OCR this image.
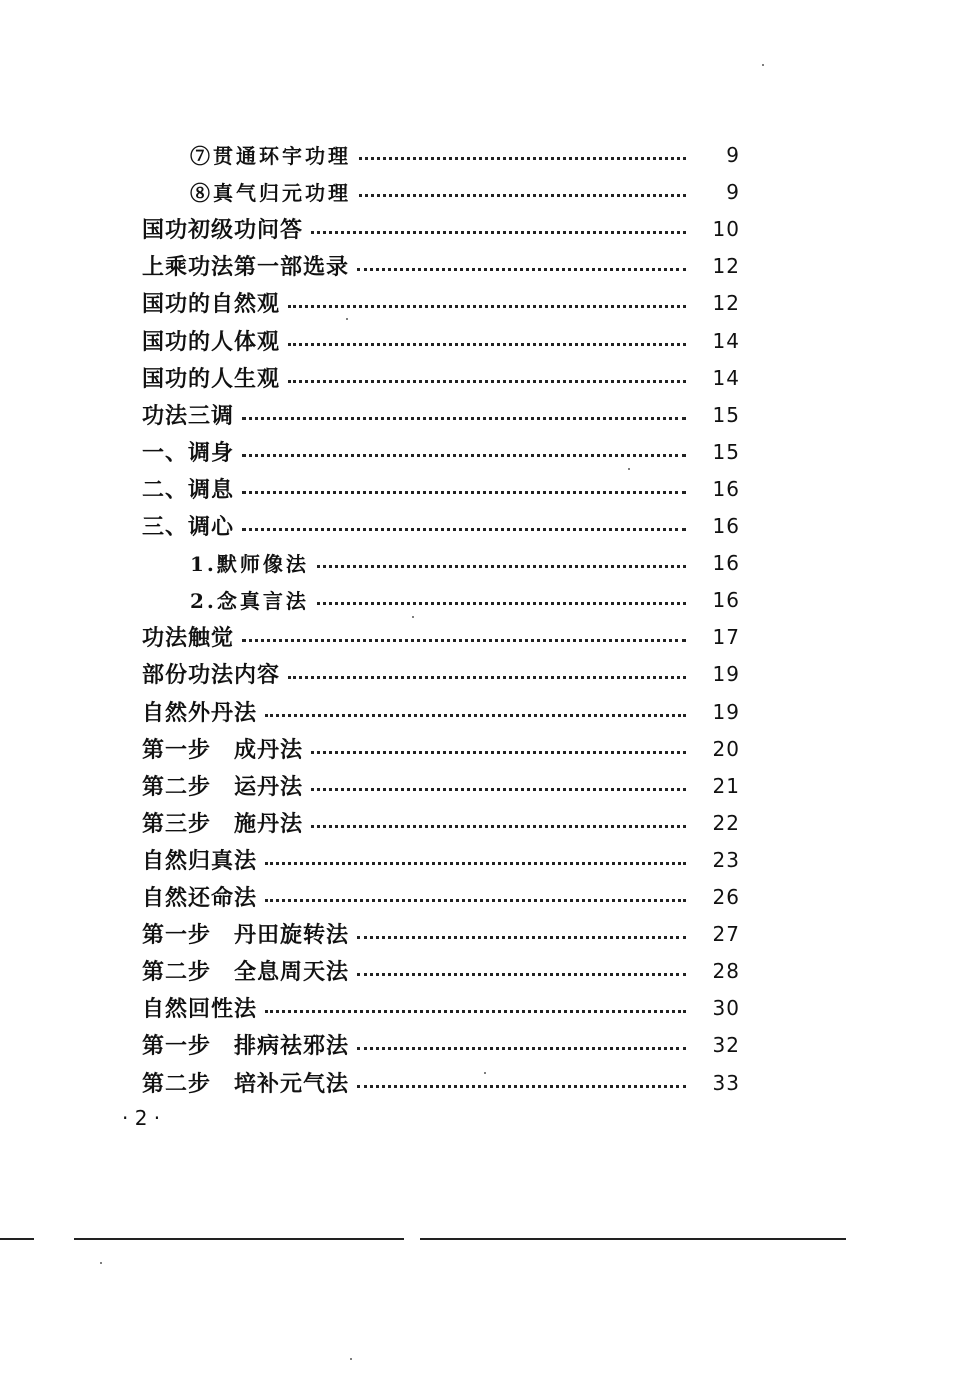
⑦贯通环宇功理	9
⑧真气归元功理	9
国功初级功问答	10
上乘功法第一部选录	12
国功的自然观	12
国功的人体观	14
国功的人生观	14
功法三调	15
一、调身	15
二、调息	16
三、调心	16
1.默师像法	16
2.念真言法	16
功法触觉	17
部份功法内容	19
自然外丹法	19
第一步　成丹法	20
第二步　运丹法	21
第三步　施丹法	22
自然归真法	23
自然还命法	26
第一步　丹田旋转法	27
第二步　全息周天法	28
自然回性法	30
第一步　排病祛邪法	32
第二步　培补元气法	33
· 2 ·
